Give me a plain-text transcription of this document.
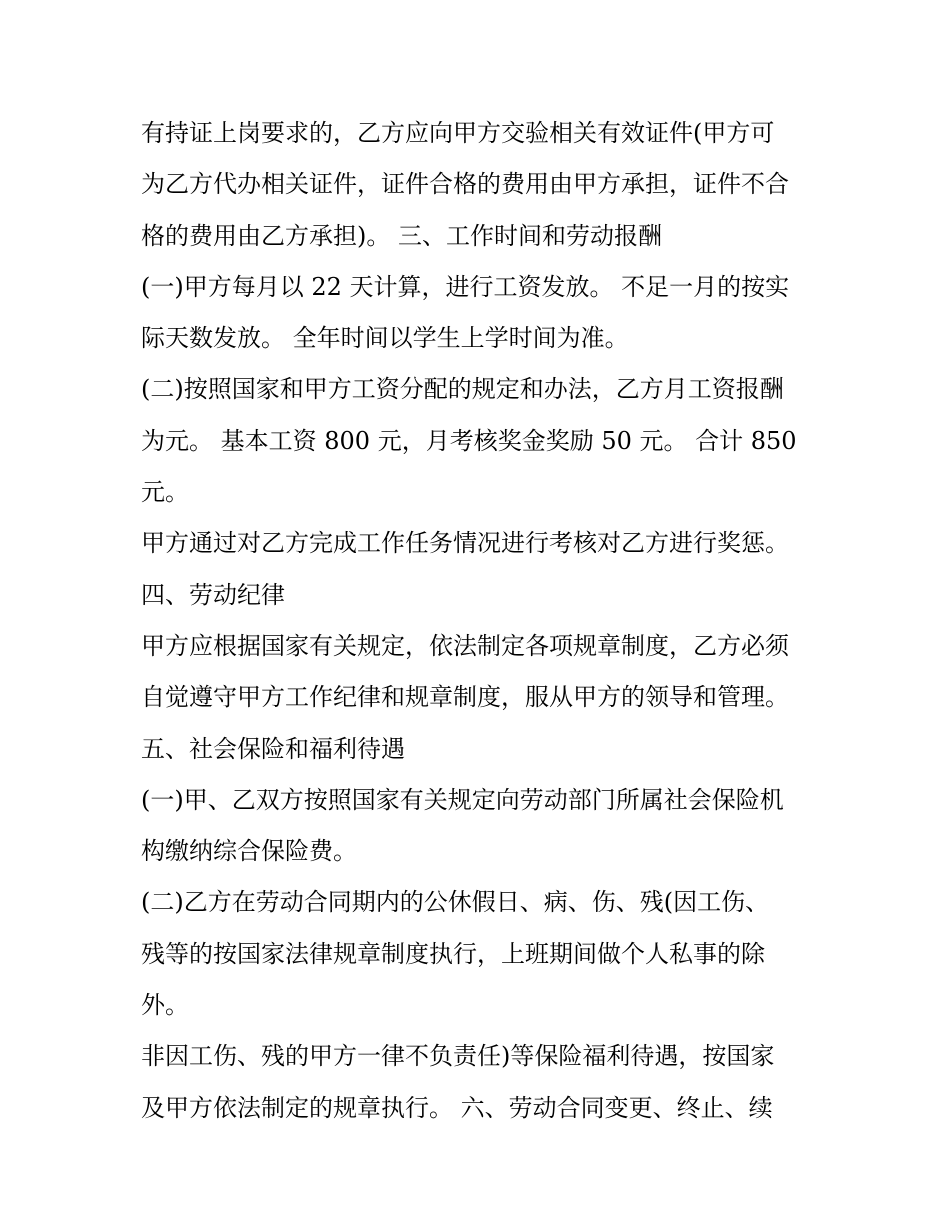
有持证上岗要求的，乙方应向甲方交验相关有效证件(甲方可
为乙方代办相关证件，证件合格的费用由甲方承担，证件不合
格的费用由乙方承担)。 三、工作时间和劳动报酬
(一)甲方每月以 22 天计算，进行工资发放。 不足一月的按实
际天数发放。 全年时间以学生上学时间为准。
(二)按照国家和甲方工资分配的规定和办法，乙方月工资报酬
为元。 基本工资 800 元，月考核奖金奖励 50 元。 合计 850
元。
甲方通过对乙方完成工作任务情况进行考核对乙方进行奖惩。
四、劳动纪律
甲方应根据国家有关规定，依法制定各项规章制度，乙方必须
自觉遵守甲方工作纪律和规章制度，服从甲方的领导和管理。
五、社会保险和福利待遇
(一)甲、乙双方按照国家有关规定向劳动部门所属社会保险机
构缴纳综合保险费。
(二)乙方在劳动合同期内的公休假日、病、伤、残(因工伤、
残等的按国家法律规章制度执行，上班期间做个人私事的除
外。
非因工伤、残的甲方一律不负责任)等保险福利待遇，按国家
及甲方依法制定的规章执行。 六、劳动合同变更、终止、续
